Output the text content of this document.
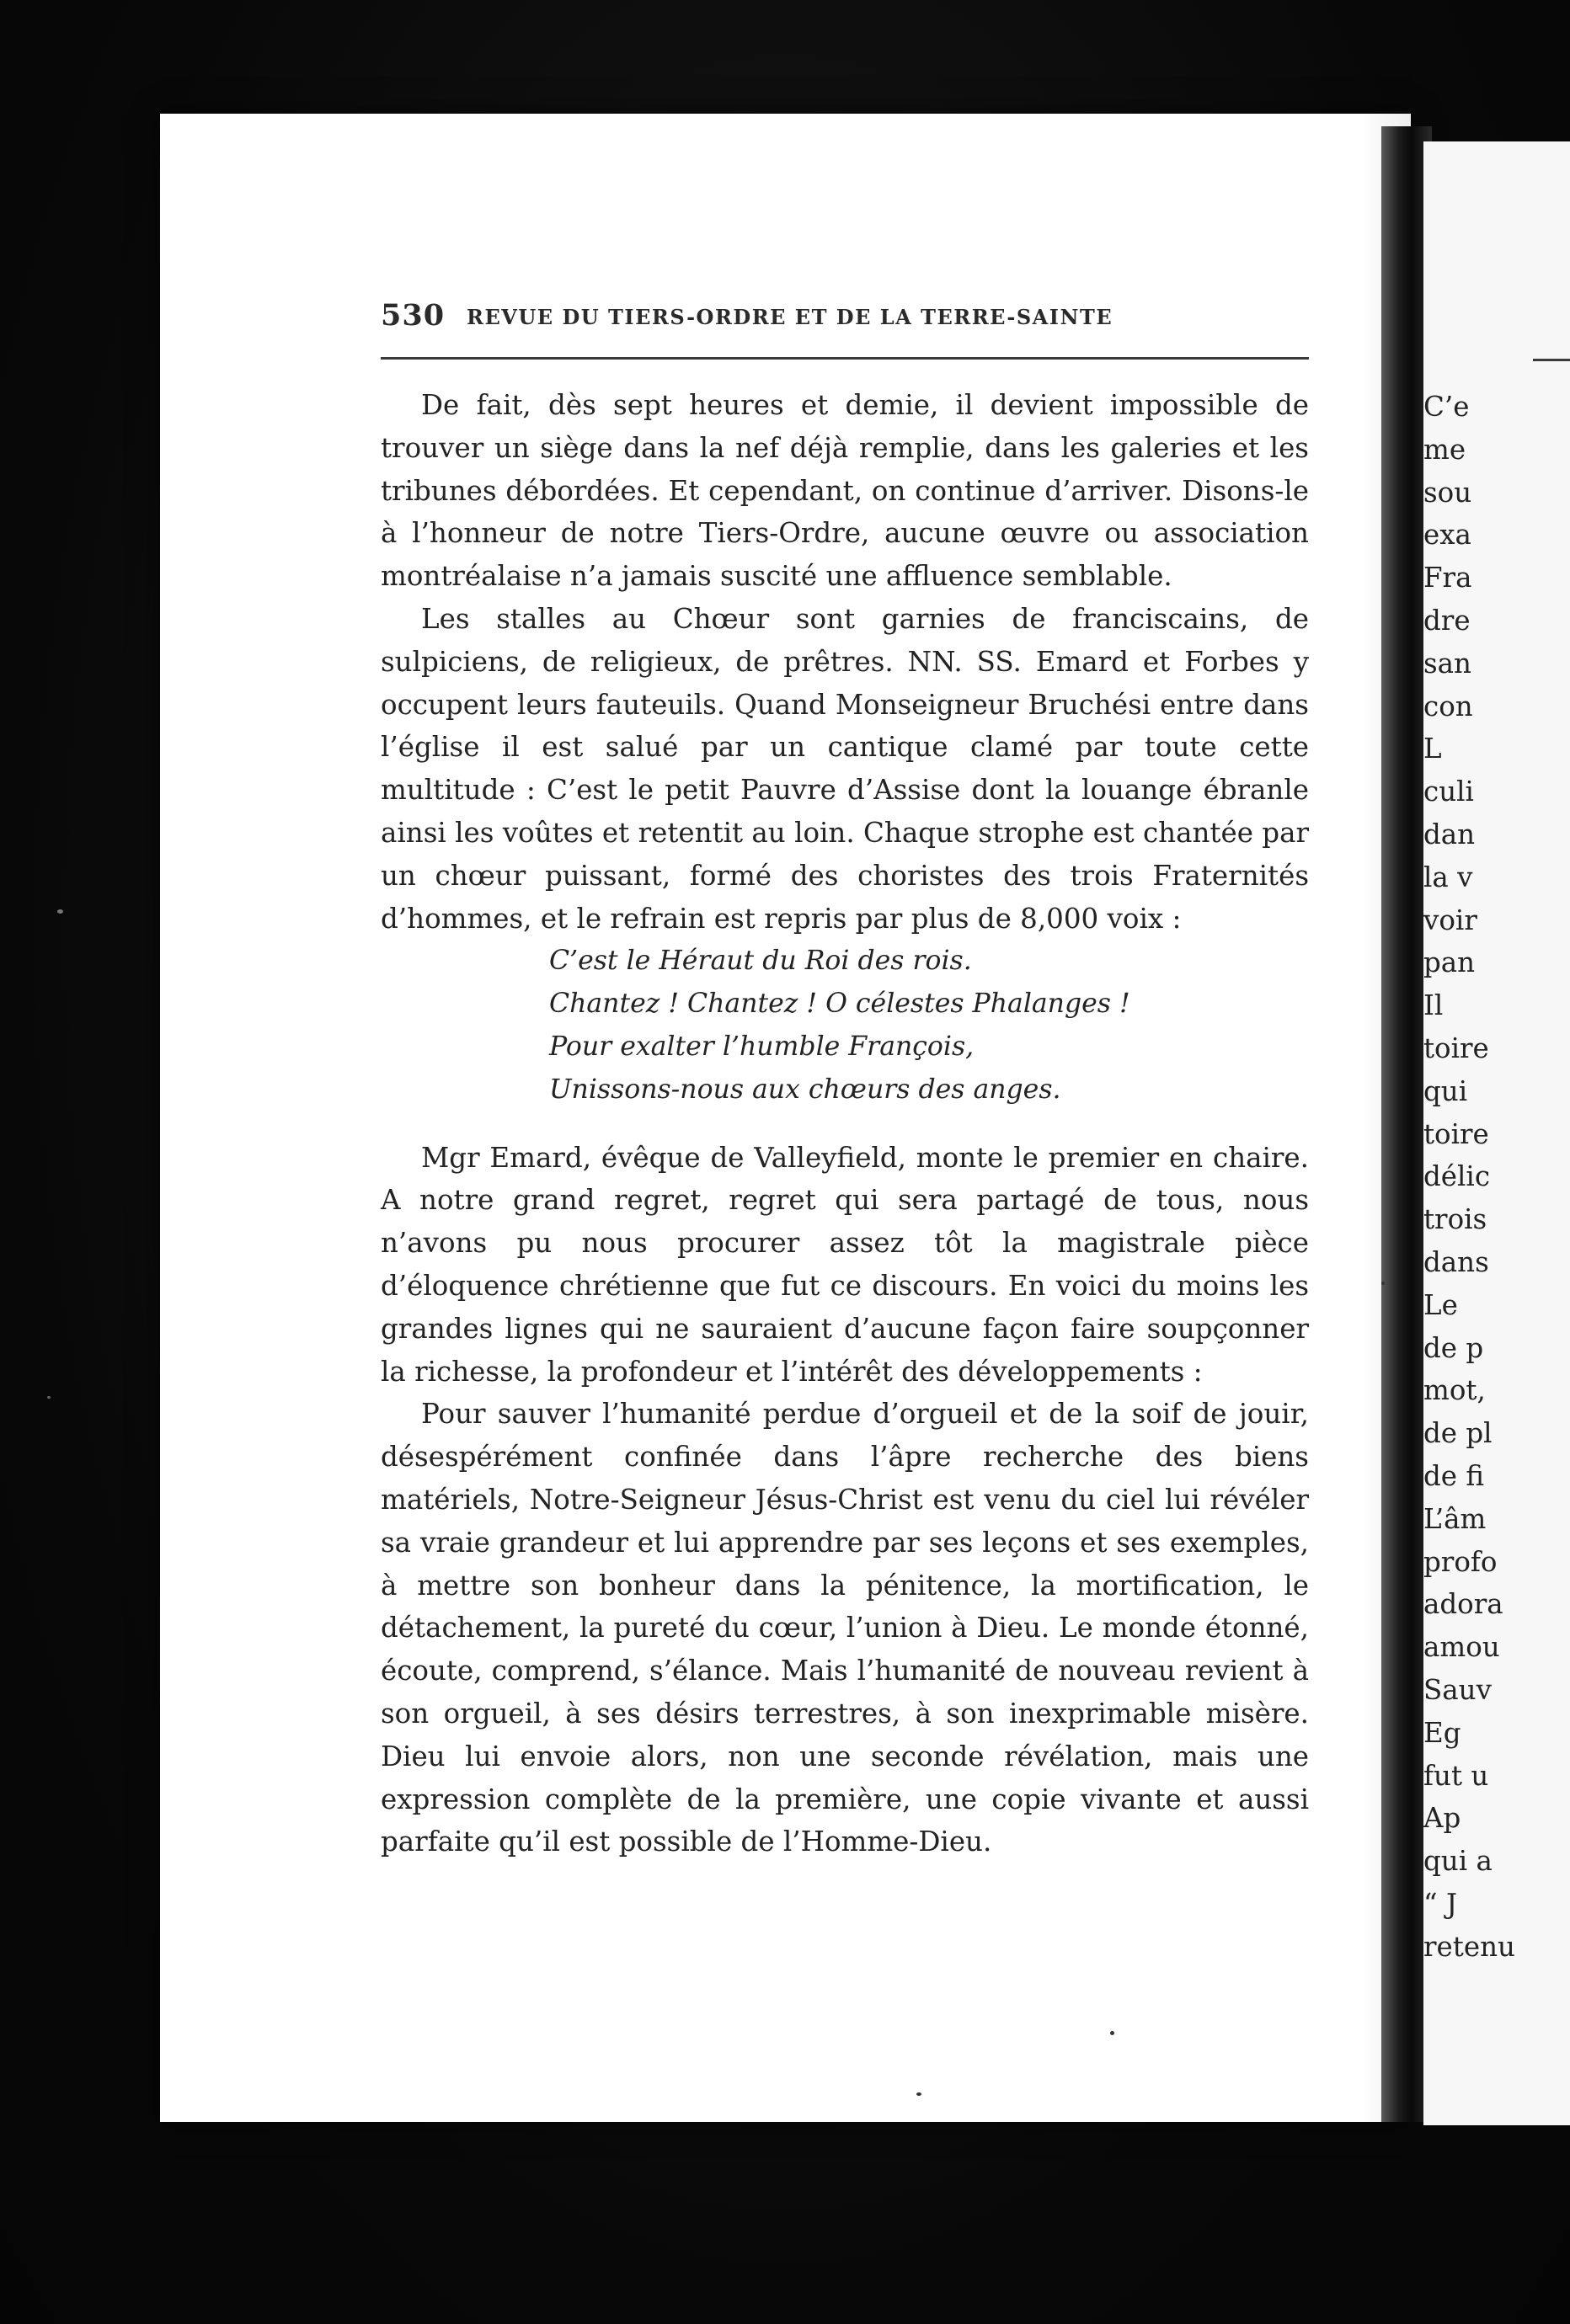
C’e
me
sou
exa
Fra
dre
san
con
L
culi
dan
la v
voir
pan
Il
toire
qui
toire
délic
trois
dans
Le
de p
mot,
de pl
de fi
L’âm
profo
adora
amou
Sauv
Eg
fut u
Ap
qui a
“ J
retenu
530 REVUE DU TIERS-ORDRE ET DE LA TERRE-SAINTE

De fait, dès sept heures et demie, il devient impossible de trouver un siège dans la nef déjà remplie, dans les galeries et les tribunes débordées. Et cependant, on continue d’arriver. Disons-le à l’honneur de notre Tiers-Ordre, aucune œuvre ou association montréalaise n’a jamais suscité une affluence semblable.

Les stalles au Chœur sont garnies de franciscains, de sulpiciens, de religieux, de prêtres. NN. SS. Emard et Forbes y occupent leurs fauteuils. Quand Monseigneur Bruchési entre dans l’église il est salué par un cantique clamé par toute cette multitude : C’est le petit Pauvre d’Assise dont la louange ébranle ainsi les voûtes et retentit au loin. Chaque strophe est chantée par un chœur puissant, formé des choristes des trois Fraternités d’hommes, et le refrain est repris par plus de 8,000 voix :

C’est le Héraut du Roi des rois.
Chantez ! Chantez ! O célestes Phalanges !
Pour exalter l’humble François,
Unissons-nous aux chœurs des anges.

Mgr Emard, évêque de Valleyfield, monte le premier en chaire. A notre grand regret, regret qui sera partagé de tous, nous n’avons pu nous procurer assez tôt la magistrale pièce d’éloquence chrétienne que fut ce discours. En voici du moins les grandes lignes qui ne sauraient d’aucune façon faire soupçonner la richesse, la profondeur et l’intérêt des développements :

Pour sauver l’humanité perdue d’orgueil et de la soif de jouir, désespérément confinée dans l’âpre recherche des biens matériels, Notre-Seigneur Jésus-Christ est venu du ciel lui révéler sa vraie grandeur et lui apprendre par ses leçons et ses exemples, à mettre son bonheur dans la pénitence, la mortification, le détachement, la pureté du cœur, l’union à Dieu. Le monde étonné, écoute, comprend, s’élance. Mais l’humanité de nouveau revient à son orgueil, à ses désirs terrestres, à son inexprimable misère. Dieu lui envoie alors, non une seconde révélation, mais une expression complète de la première, une copie vivante et aussi parfaite qu’il est possible de l’Homme-Dieu.
